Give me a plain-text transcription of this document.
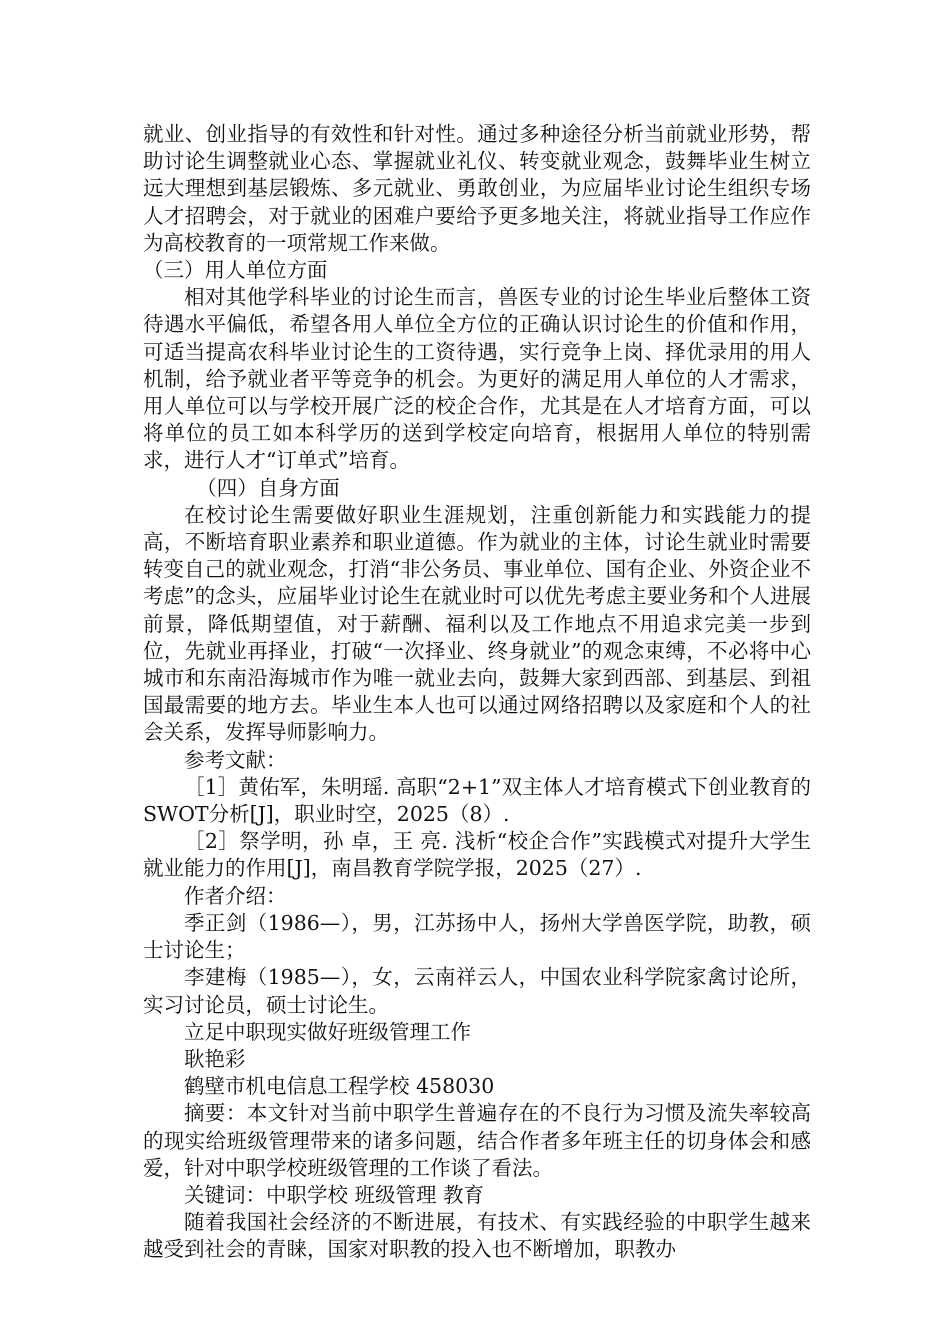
就业、创业指导的有效性和针对性。通过多种途径分析当前就业形势，帮助讨论生调整就业心态、掌握就业礼仪、转变就业观念，鼓舞毕业生树立远大理想到基层锻炼、多元就业、勇敢创业，为应届毕业讨论生组织专场人才招聘会，对于就业的困难户要给予更多地关注，将就业指导工作应作为高校教育的一项常规工作来做。

（三）用人单位方面

相对其他学科毕业的讨论生而言，兽医专业的讨论生毕业后整体工资待遇水平偏低，希望各用人单位全方位的正确认识讨论生的价值和作用，可适当提高农科毕业讨论生的工资待遇，实行竞争上岗、择优录用的用人机制，给予就业者平等竞争的机会。为更好的满足用人单位的人才需求，用人单位可以与学校开展广泛的校企合作，尤其是在人才培育方面，可以将单位的员工如本科学历的送到学校定向培育，根据用人单位的特别需求，进行人才“订单式”培育。

（四）自身方面

在校讨论生需要做好职业生涯规划，注重创新能力和实践能力的提高，不断培育职业素养和职业道德。作为就业的主体，讨论生就业时需要转变自己的就业观念，打消“非公务员、事业单位、国有企业、外资企业不考虑”的念头，应届毕业讨论生在就业时可以优先考虑主要业务和个人进展前景，降低期望值，对于薪酬、福利以及工作地点不用追求完美一步到位，先就业再择业，打破“一次择业、终身就业”的观念束缚，不必将中心城市和东南沿海城市作为唯一就业去向，鼓舞大家到西部、到基层、到祖国最需要的地方去。毕业生本人也可以通过网络招聘以及家庭和个人的社会关系，发挥导师影响力。

参考文献：

［1］黄佑军，朱明瑶. 高职“2+1”双主体人才培育模式下创业教育的SWOT分析[J]，职业时空，2025（8）.

［2］祭学明，孙 卓，王 亮. 浅析“校企合作”实践模式对提升大学生就业能力的作用[J]，南昌教育学院学报，2025（27）.

作者介绍：

季正剑（1986—），男，江苏扬中人，扬州大学兽医学院，助教，硕士讨论生；

李建梅（1985—），女，云南祥云人，中国农业科学院家禽讨论所，实习讨论员，硕士讨论生。

立足中职现实做好班级管理工作

耿艳彩

鹤壁市机电信息工程学校 458030

摘要：本文针对当前中职学生普遍存在的不良行为习惯及流失率较高的现实给班级管理带来的诸多问题，结合作者多年班主任的切身体会和感爱，针对中职学校班级管理的工作谈了看法。

关键词：中职学校 班级管理 教育

随着我国社会经济的不断进展，有技术、有实践经验的中职学生越来越受到社会的青睐，国家对职教的投入也不断增加，职教办
